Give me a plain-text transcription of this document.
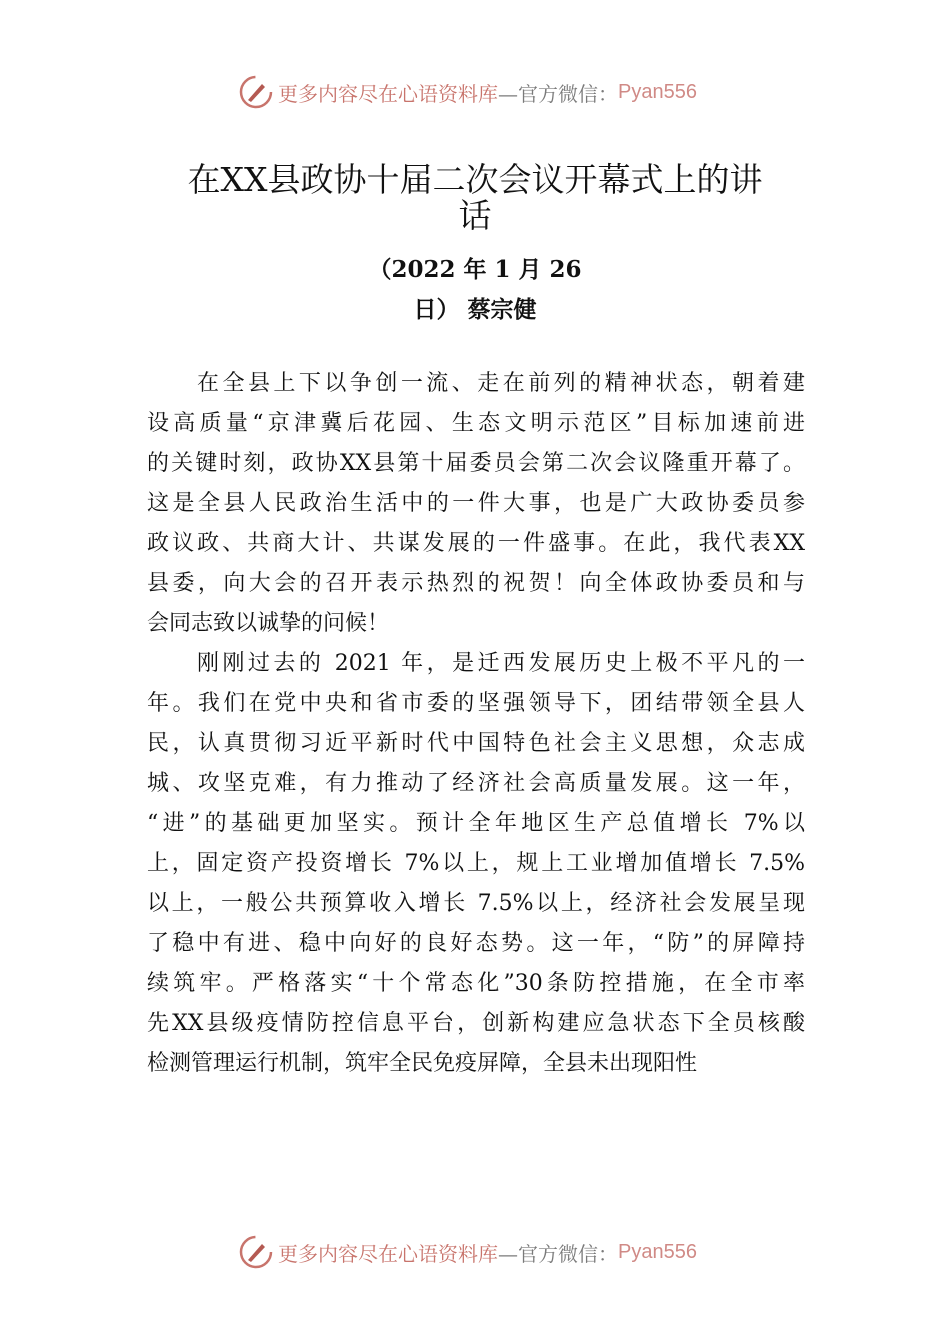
更多内容尽在心语资料库 —官方微信： Pyan556
在XX县政协十届二次会议开幕式上的讲
话
（2022 年 1 月 26
日） 蔡宗健
在全县上下以争创一流、走在前列的精神状态，朝着建
设高质量“京津冀后花园、生态文明示范区”目标加速前进
的关键时刻，政协XX县第十届委员会第二次会议隆重开幕了。
这是全县人民政治生活中的一件大事，也是广大政协委员参
政议政、共商大计、共谋发展的一件盛事。在此，我代表XX
县委，向大会的召开表示热烈的祝贺！向全体政协委员和与
会同志致以诚挚的问候！
刚刚过去的 2021 年，是迁西发展历史上极不平凡的一
年。我们在党中央和省市委的坚强领导下，团结带领全县人
民，认真贯彻习近平新时代中国特色社会主义思想，众志成
城、攻坚克难，有力推动了经济社会高质量发展。这一年，
“进”的基础更加坚实。预计全年地区生产总值增长 7%以
上，固定资产投资增长 7%以上，规上工业增加值增长 7.5%
以上，一般公共预算收入增长 7.5%以上，经济社会发展呈现
了稳中有进、稳中向好的良好态势。这一年，“防”的屏障持
续筑牢。严格落实“十个常态化”30条防控措施，在全市率
先XX县级疫情防控信息平台，创新构建应急状态下全员核酸
检测管理运行机制，筑牢全民免疫屏障，全县未出现阳性
更多内容尽在心语资料库 —官方微信： Pyan556
